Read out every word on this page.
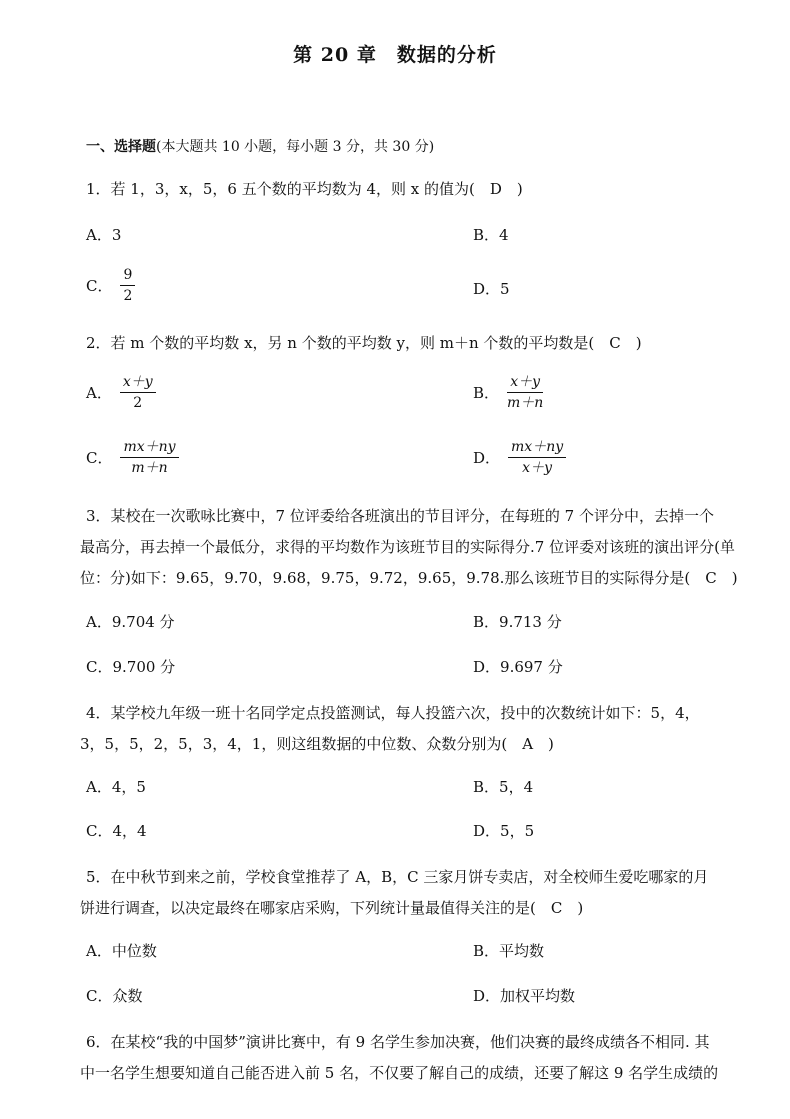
第 20 章　数据的分析
一、选择题(本大题共 10 小题，每小题 3 分，共 30 分)
1．若 1，3，x，5，6 五个数的平均数为 4，则 x 的值为(　D　)
A．3	B．4
C． $\frac{9}{2}$	D．5
2．若 m 个数的平均数 x，另 n 个数的平均数 y，则 m＋n 个数的平均数是(　C　)
A． $\frac{x+y}{2}$	B． $\frac{x+y}{m+n}$
C． $\frac{mx+ny}{m+n}$	D． $\frac{mx+ny}{x+y}$
3．某校在一次歌咏比赛中，7 位评委给各班演出的节目评分，在每班的 7 个评分中，去掉一个
最高分，再去掉一个最低分，求得的平均数作为该班节目的实际得分.7 位评委对该班的演出评分(单
位：分)如下：9.65，9.70，9.68，9.75，9.72，9.65，9.78.那么该班节目的实际得分是(　C　)
A．9.704 分	B．9.713 分
C．9.700 分	D．9.697 分
4．某学校九年级一班十名同学定点投篮测试，每人投篮六次，投中的次数统计如下：5，4，
3，5，5，2，5，3，4，1，则这组数据的中位数、众数分别为(　A　)
A．4，5	B．5，4
C．4，4	D．5，5
5．在中秋节到来之前，学校食堂推荐了 A，B，C 三家月饼专卖店，对全校师生爱吃哪家的月
饼进行调查，以决定最终在哪家店采购，下列统计量最值得关注的是(　C　)
A．中位数	B．平均数
C．众数	D．加权平均数
6．在某校“我的中国梦”演讲比赛中，有 9 名学生参加决赛，他们决赛的最终成绩各不相同. 其
中一名学生想要知道自己能否进入前 5 名，不仅要了解自己的成绩，还要了解这 9 名学生成绩的
